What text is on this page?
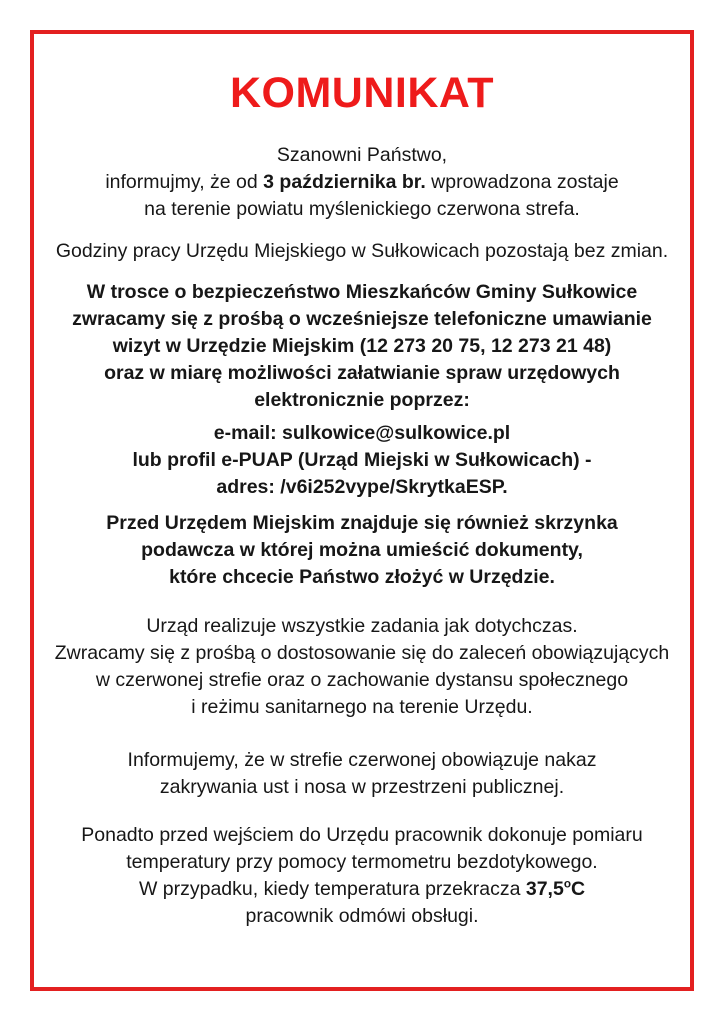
KOMUNIKAT
Szanowni Państwo,
informujmy, że od 3 października br. wprowadzona zostaje
na terenie powiatu myślenickiego czerwona strefa.
Godziny pracy Urzędu Miejskiego w Sułkowicach pozostają bez zmian.
W trosce o bezpieczeństwo Mieszkańców Gminy Sułkowice
zwracamy się z prośbą o wcześniejsze telefoniczne umawianie
wizyt w Urzędzie Miejskim (12 273 20 75, 12 273 21 48)
oraz w miarę możliwości załatwianie spraw urzędowych
elektronicznie poprzez:
e-mail: sulkowice@sulkowice.pl
lub profil e-PUAP (Urząd Miejski w Sułkowicach) -
adres: /v6i252vype/SkrytkaESP.
Przed Urzędem Miejskim znajduje się również skrzynka
podawcza w której można umieścić dokumenty,
które chcecie Państwo złożyć w Urzędzie.
Urząd realizuje wszystkie zadania jak dotychczas.
Zwracamy się z prośbą o dostosowanie się do zaleceń obowiązujących
w czerwonej strefie oraz o zachowanie dystansu społecznego
i reżimu sanitarnego na terenie Urzędu.
Informujemy, że w strefie czerwonej obowiązuje nakaz
zakrywania ust i nosa w przestrzeni publicznej.
Ponadto przed wejściem do Urzędu pracownik dokonuje pomiaru
temperatury przy pomocy termometru bezdotykowego.
W przypadku, kiedy temperatura przekracza 37,5$^o$C
pracownik odmówi obsługi.
